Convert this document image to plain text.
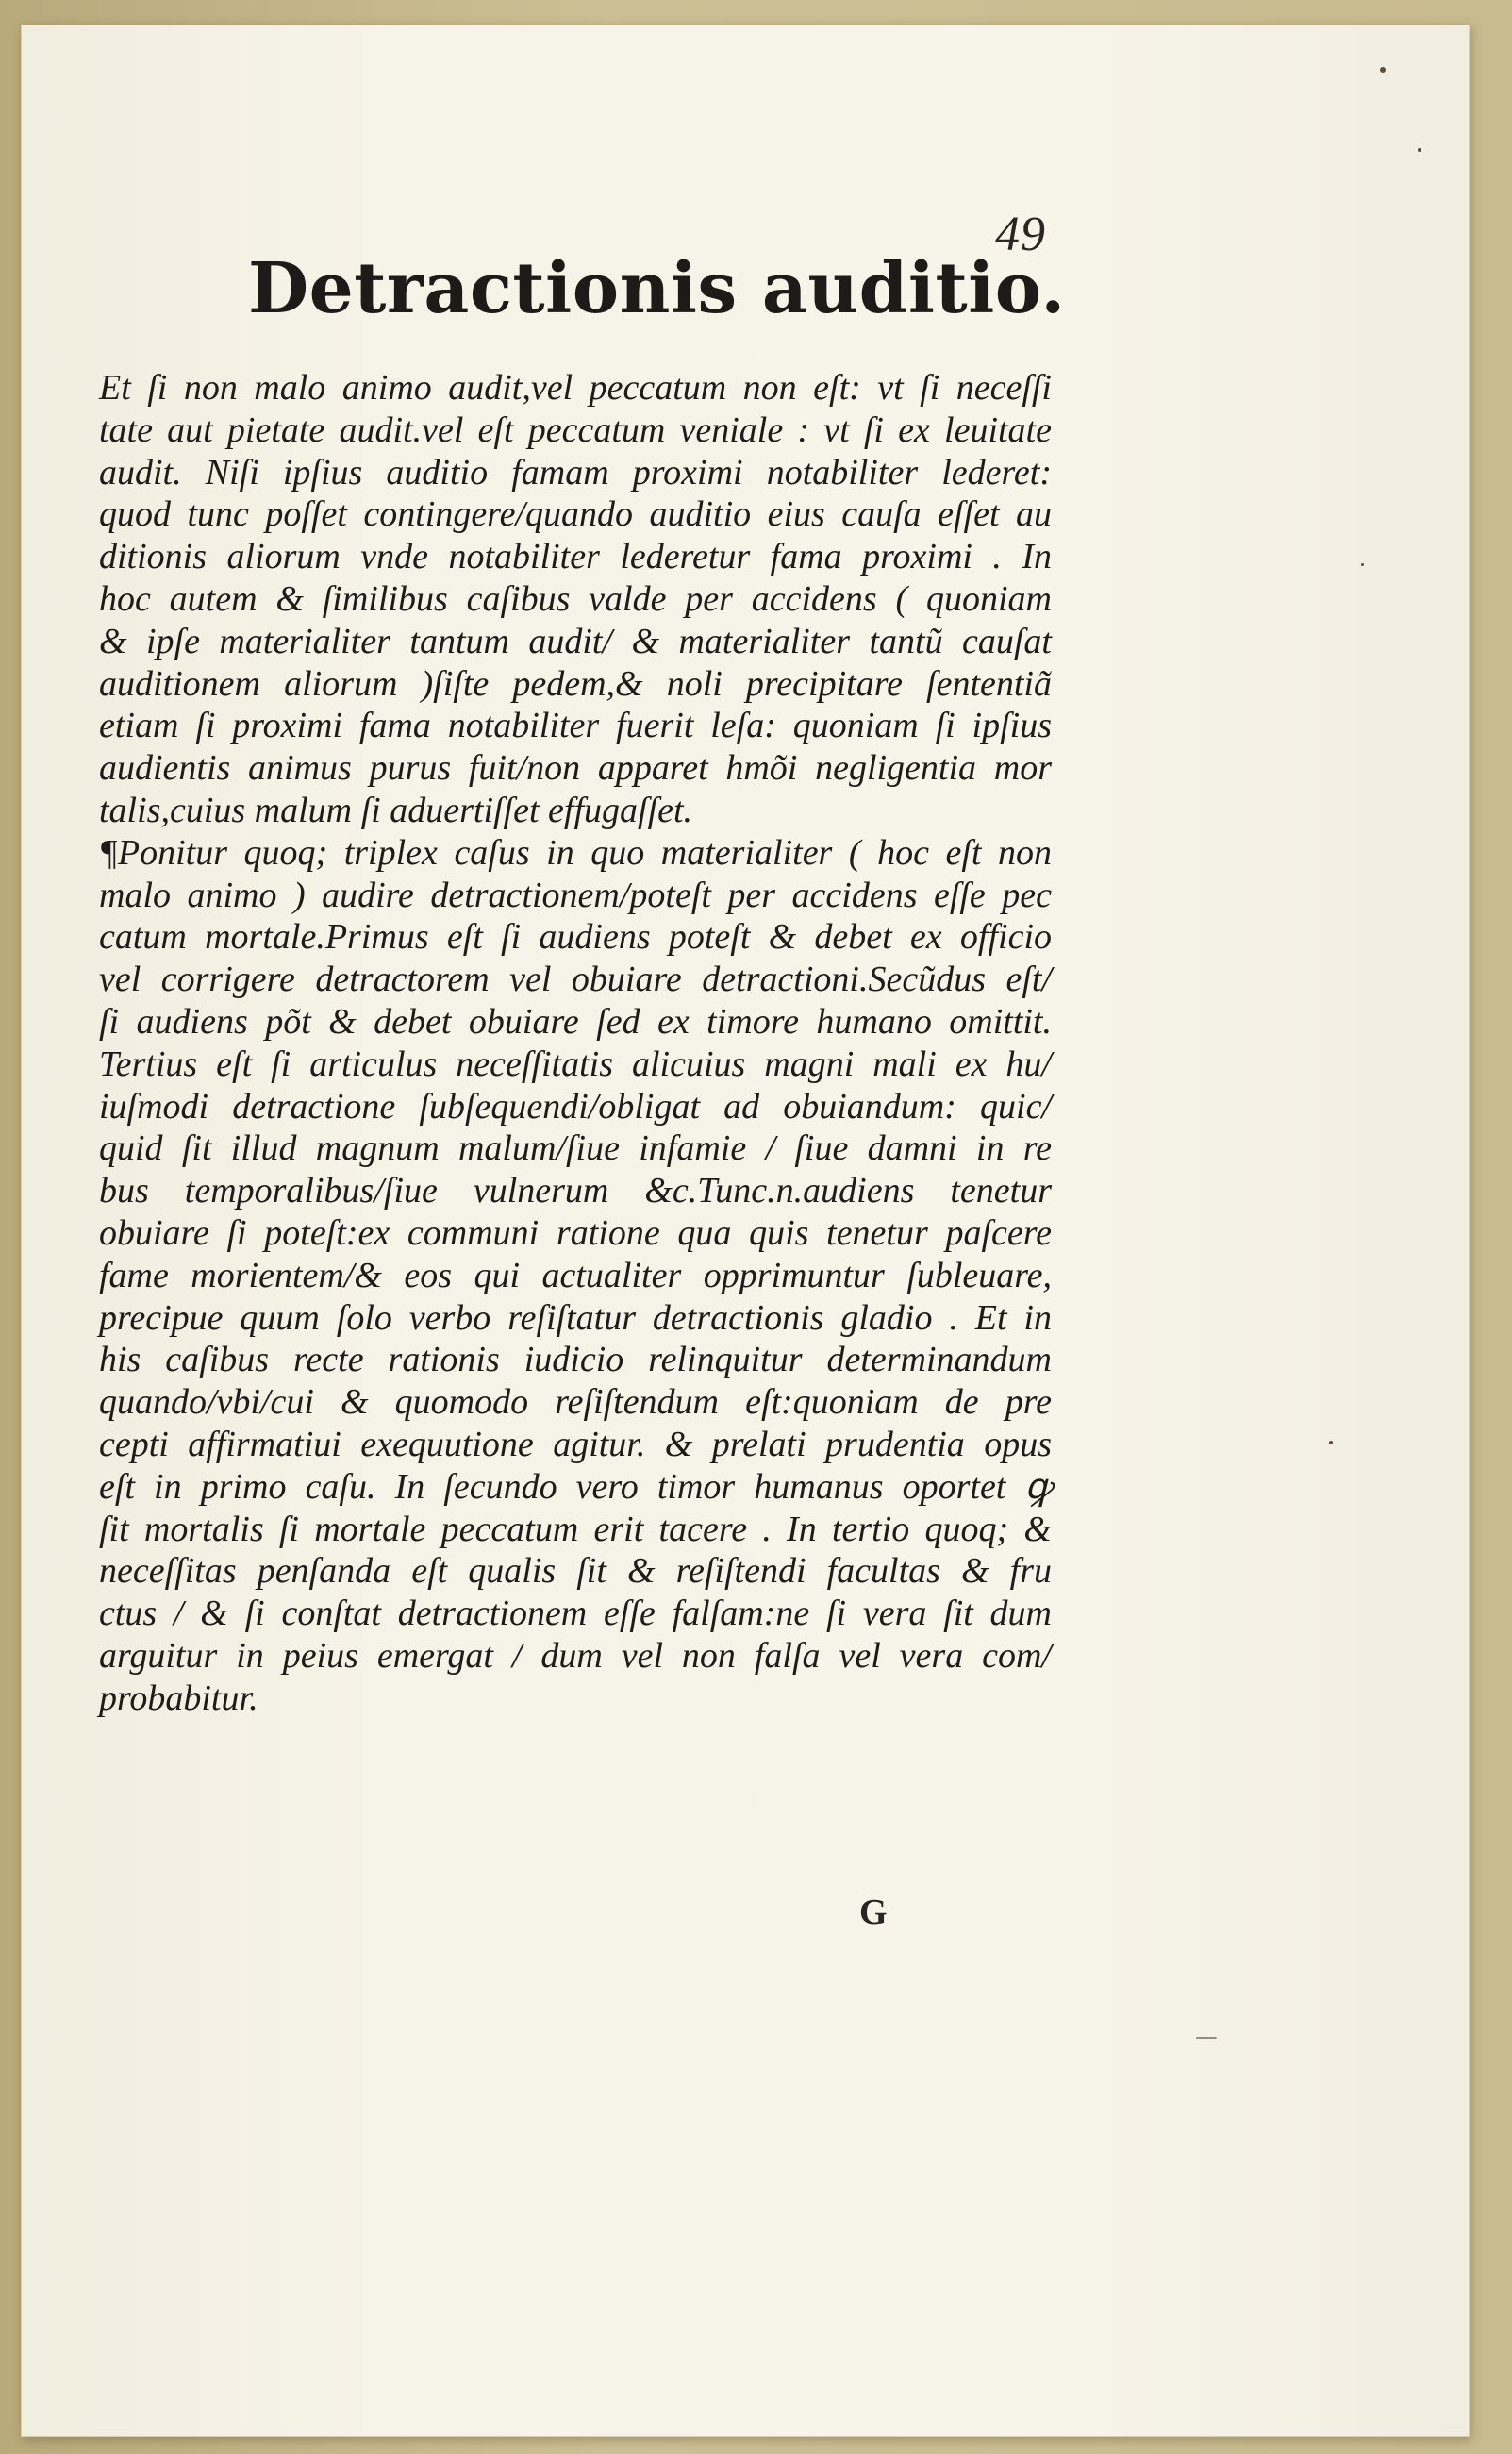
49
Detractionis auditio.
Et ſi non malo animo audit,vel peccatum non eſt: vt ſi neceſſi
tate aut pietate audit.vel eſt peccatum veniale : vt ſi ex leuitate
audit. Niſi ipſius auditio famam proximi notabiliter lederet:
quod tunc poſſet contingere/quando auditio eius cauſa eſſet au
ditionis aliorum vnde notabiliter lederetur fama proximi . In
hoc autem & ſimilibus caſibus valde per accidens ( quoniam
& ipſe materialiter tantum audit/ & materialiter tantũ cauſat
auditionem aliorum )ſiſte pedem,& noli precipitare ſententiã
etiam ſi proximi fama notabiliter fuerit leſa: quoniam ſi ipſius
audientis animus purus fuit/non apparet hmõi negligentia mor
talis,cuius malum ſi aduertiſſet effugaſſet.
¶Ponitur quoq; triplex caſus in quo materialiter ( hoc eſt non
malo animo ) audire detractionem/poteſt per accidens eſſe pec
catum mortale.Primus eſt ſi audiens poteſt & debet ex officio
vel corrigere detractorem vel obuiare detractioni.Secũdus eſt/
ſi audiens põt & debet obuiare ſed ex timore humano omittit.
Tertius eſt ſi articulus neceſſitatis alicuius magni mali ex hu/
iuſmodi detractione ſubſequendi/obligat ad obuiandum: quic/
quid ſit illud magnum malum/ſiue infamie / ſiue damni in re
bus temporalibus/ſiue vulnerum &c.Tunc.n.audiens tenetur
obuiare ſi poteſt:ex communi ratione qua quis tenetur paſcere
fame morientem/& eos qui actualiter opprimuntur ſubleuare,
precipue quum ſolo verbo reſiſtatur detractionis gladio . Et in
his caſibus recte rationis iudicio relinquitur determinandum
quando/vbi/cui & quomodo reſiſtendum eſt:quoniam de pre
cepti affirmatiui exequutione agitur. & prelati prudentia opus
eſt in primo caſu. In ſecundo vero timor humanus oportet ꝙ
ſit mortalis ſi mortale peccatum erit tacere . In tertio quoq; &
neceſſitas penſanda eſt qualis ſit & reſiſtendi facultas & fru
ctus / & ſi conſtat detractionem eſſe falſam:ne ſi vera ſit dum
arguitur in peius emergat / dum vel non falſa vel vera com/
probabitur.
G
